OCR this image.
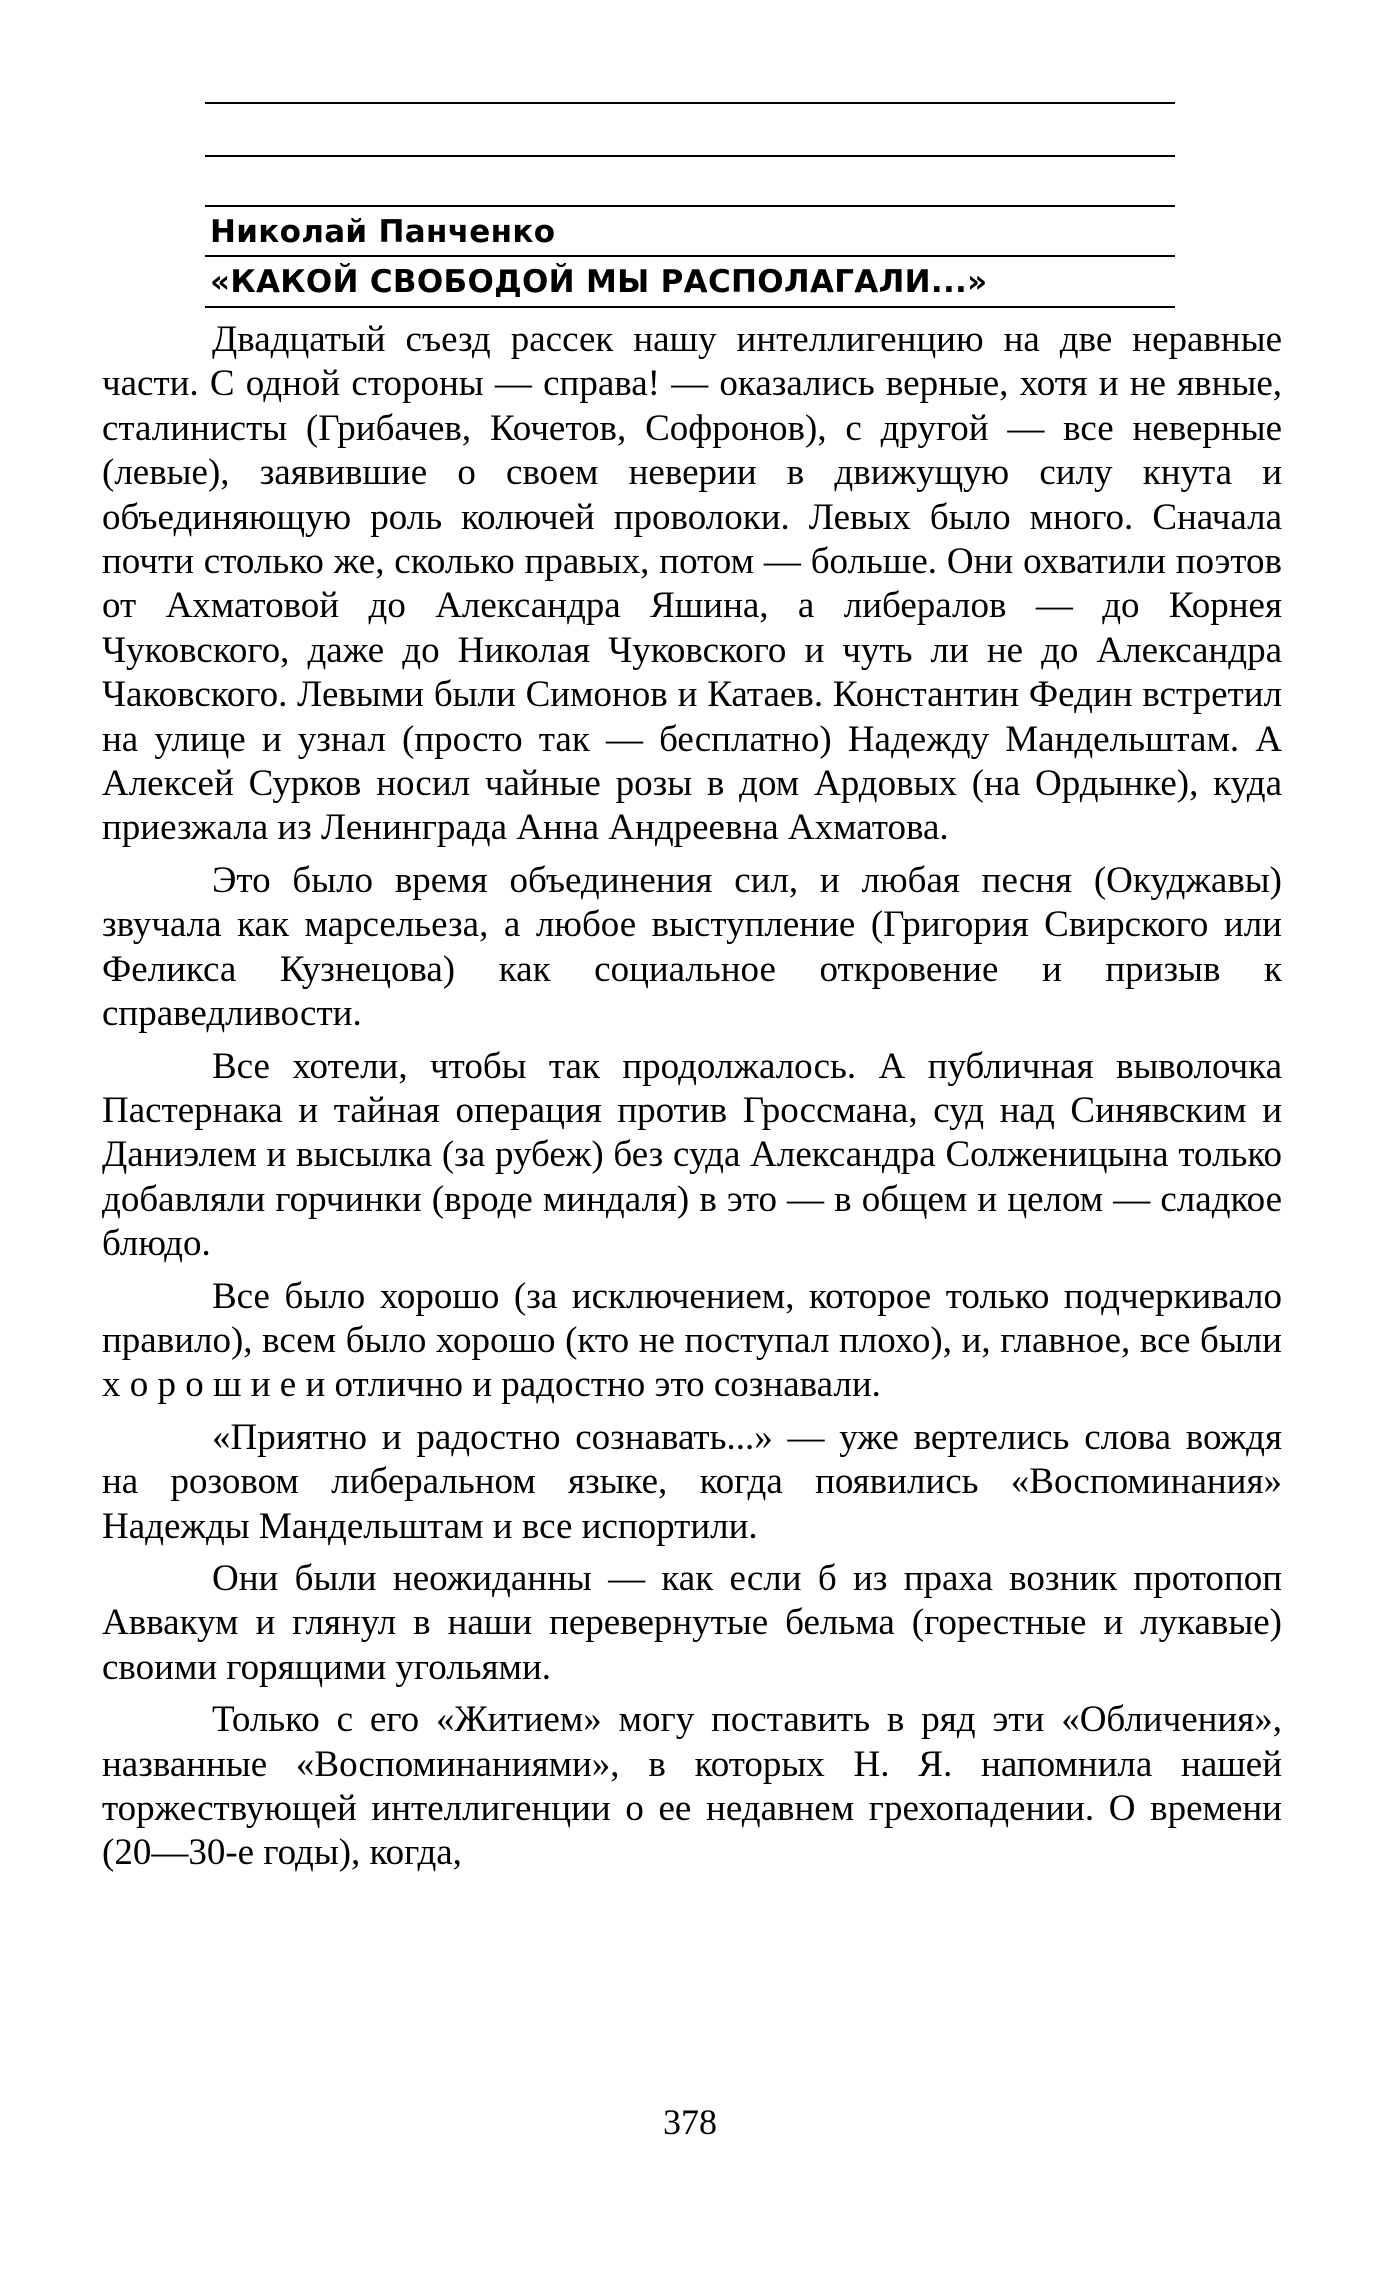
Николай Панченко
«КАКОЙ СВОБОДОЙ МЫ РАСПОЛАГАЛИ...»

Двадцатый съезд рассек нашу интеллигенцию на две неравные части. С одной стороны — справа! — оказались верные, хотя и не явные, сталинисты (Грибачев, Кочетов, Софронов), с другой — все неверные (левые), заявившие о своем неверии в движущую силу кнута и объединяющую роль колючей проволоки. Левых было много. Сначала почти столько же, сколько правых, потом — больше. Они охватили поэтов от Ахматовой до Александра Яшина, а либералов — до Корнея Чуковского, даже до Николая Чуковского и чуть ли не до Александра Чаковского. Левыми были Симонов и Катаев. Константин Федин встретил на улице и узнал (просто так — бесплатно) Надежду Мандельштам. А Алексей Сурков носил чайные розы в дом Ардовых (на Ордынке), куда приезжала из Ленинграда Анна Андреевна Ахматова.

Это было время объединения сил, и любая песня (Окуджавы) звучала как марсельеза, а любое выступление (Григория Свирского или Феликса Кузнецова) как социальное откровение и призыв к справедливости.

Все хотели, чтобы так продолжалось. А публичная выволочка Пастернака и тайная операция против Гроссмана, суд над Синявским и Даниэлем и высылка (за рубеж) без суда Александра Солженицына только добавляли горчинки (вроде миндаля) в это — в общем и целом — сладкое блюдо.

Все было хорошо (за исключением, которое только подчеркивало правило), всем было хорошо (кто не поступал плохо), и, главное, все были х о р о ш и е и отлично и радостно это сознавали.

«Приятно и радостно сознавать...» — уже вертелись слова вождя на розовом либеральном языке, когда появились «Воспоминания» Надежды Мандельштам и все испортили.

Они были неожиданны — как если б из праха возник протопоп Аввакум и глянул в наши перевернутые бельма (горестные и лукавые) своими горящими угольями.

Только с его «Житием» могу поставить в ряд эти «Обличения», названные «Воспоминаниями», в которых Н. Я. напомнила нашей торжествующей интеллигенции о ее недавнем грехопадении. О времени (20—30-е годы), когда,

378
